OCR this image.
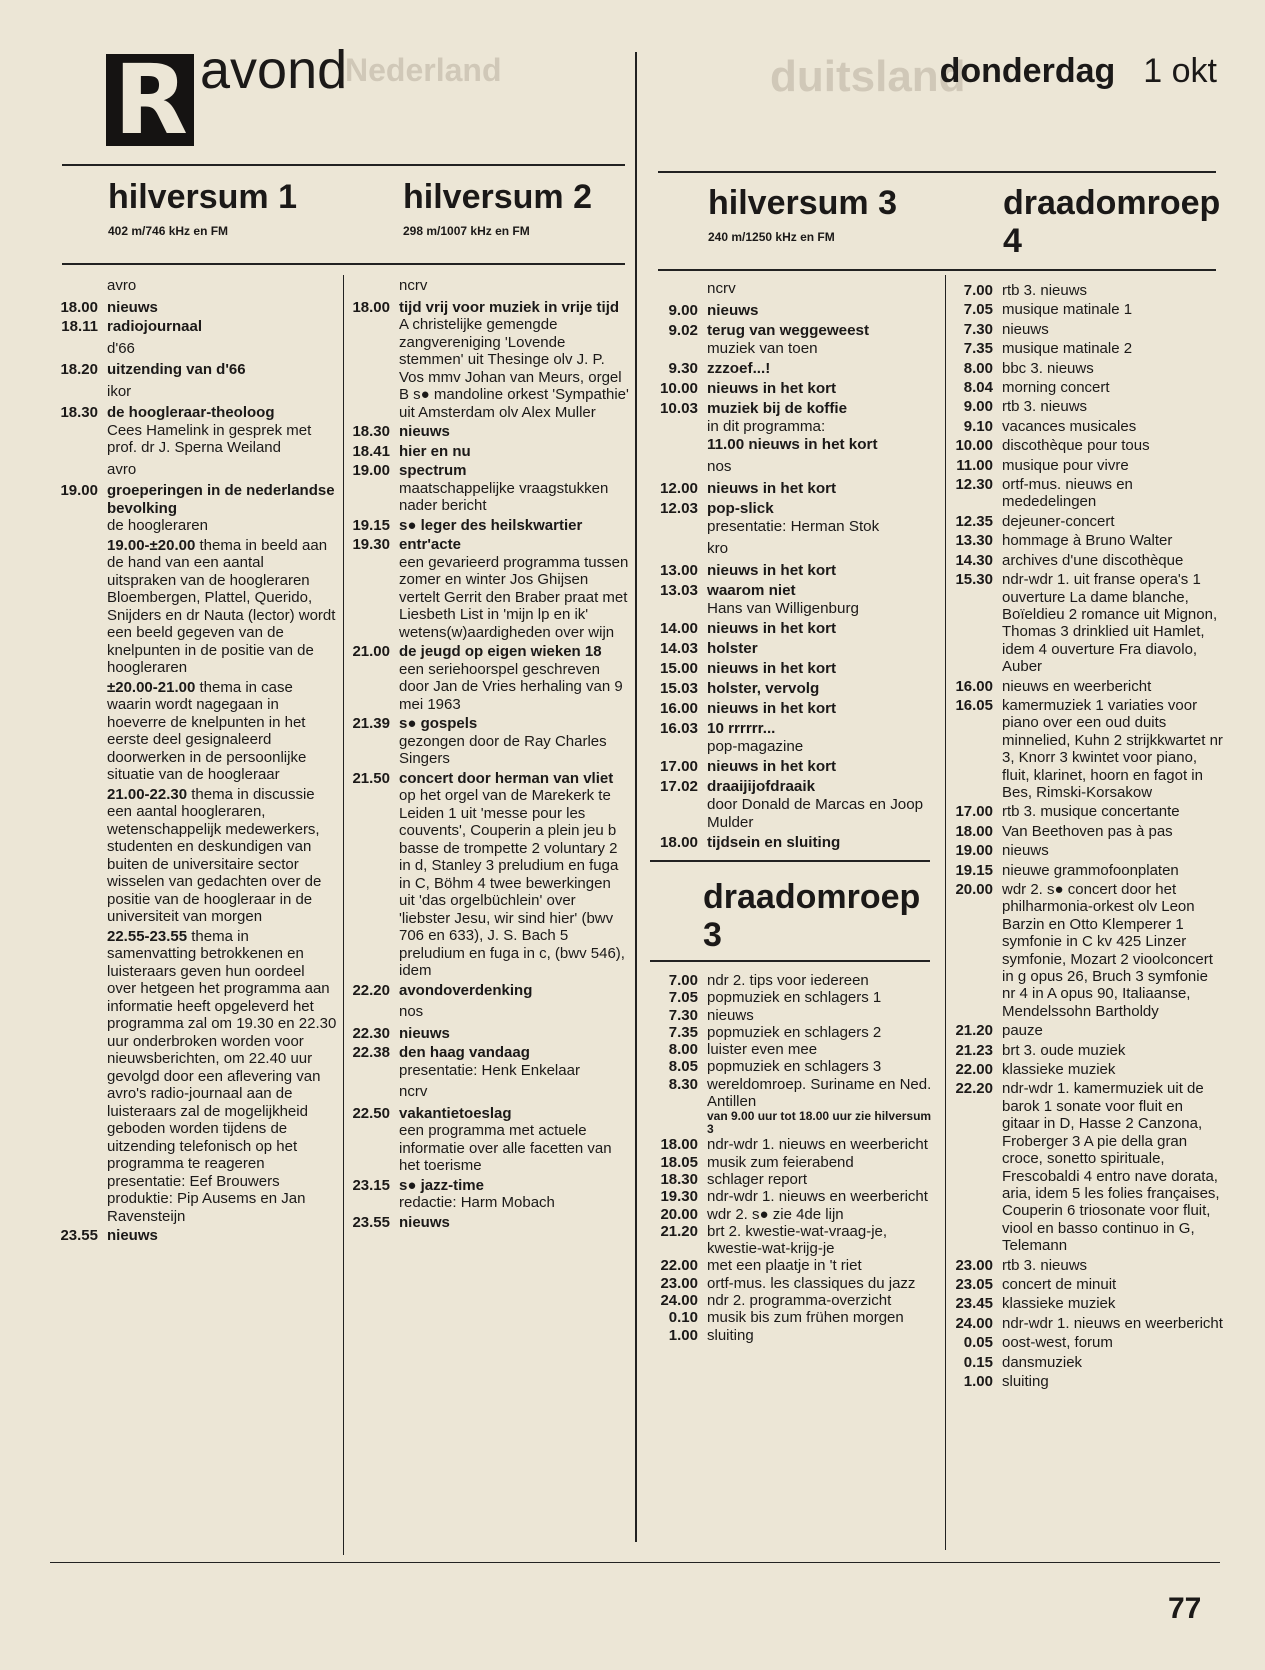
duitsland
Nederland
R avond	donderdag 1 okt
hilversum 1
402 m/746 kHz en FM
hilversum 2
298 m/1007 kHz en FM
hilversum 3
240 m/1250 kHz en FM
draadomroep 4
avro
18.00 nieuws
18.11 radiojournaal
d'66
18.20 uitzending van d'66
ikor
18.30 de hoogleraar-theoloog
Cees Hamelink in gesprek met prof. dr J. Sperna Weiland
avro
19.00 groeperingen in de nederlandse bevolking
de hoogleraren
19.00-±20.00 thema in beeld aan de hand van een aantal uitspraken van de hoogleraren Bloembergen, Plattel, Querido, Snijders en dr Nauta (lector) wordt een beeld gegeven van de knelpunten in de positie van de hoogleraren
±20.00-21.00 thema in case waarin wordt nagegaan in hoeverre de knelpunten in het eerste deel gesignaleerd doorwerken in de persoonlijke situatie van de hoogleraar
21.00-22.30 thema in discussie een aantal hoogleraren, wetenschappelijk medewerkers, studenten en deskundigen van buiten de universitaire sector wisselen van gedachten over de positie van de hoogleraar in de universiteit van morgen
22.55-23.55 thema in samenvatting betrokkenen en luisteraars geven hun oordeel over hetgeen het programma aan informatie heeft opgeleverd het programma zal om 19.30 en 22.30 uur onderbroken worden voor nieuwsberichten, om 22.40 uur gevolgd door een aflevering van avro's radio-journaal aan de luisteraars zal de mogelijkheid geboden worden tijdens de uitzending telefonisch op het programma te reageren presentatie: Eef Brouwers produktie: Pip Ausems en Jan Ravensteijn
23.55 nieuws
ncrv
18.00 tijd vrij voor muziek in vrije tijd
A christelijke gemengde zangvereniging 'Lovende stemmen' uit Thesinge olv J. P. Vos mmv Johan van Meurs, orgel B s● mandoline orkest 'Sympathie' uit Amsterdam olv Alex Muller
18.30 nieuws
18.41 hier en nu
19.00 spectrum
maatschappelijke vraagstukken nader bericht
19.15 s● leger des heilskwartier
19.30 entr'acte
een gevarieerd programma tussen zomer en winter Jos Ghijsen vertelt Gerrit den Braber praat met Liesbeth List in 'mijn lp en ik' wetens(w)aardigheden over wijn
21.00 de jeugd op eigen wieken 18
een seriehoorspel geschreven door Jan de Vries herhaling van 9 mei 1963
21.39 s● gospels
gezongen door de Ray Charles Singers
21.50 concert door herman van vliet
op het orgel van de Marekerk te Leiden 1 uit 'messe pour les couvents', Couperin a plein jeu b basse de trompette 2 voluntary 2 in d, Stanley 3 preludium en fuga in C, Böhm 4 twee bewerkingen uit 'das orgelbüchlein' over 'liebster Jesu, wir sind hier' (bwv 706 en 633), J. S. Bach 5 preludium en fuga in c, (bwv 546), idem
22.20 avondoverdenking
nos
22.30 nieuws
22.38 den haag vandaag
presentatie: Henk Enkelaar
ncrv
22.50 vakantietoeslag
een programma met actuele informatie over alle facetten van het toerisme
23.15 s● jazz-time
redactie: Harm Mobach
23.55 nieuws
ncrv
9.00 nieuws
9.02 terug van weggeweest
muziek van toen
9.30 zzzoef...!
10.00 nieuws in het kort
10.03 muziek bij de koffie
in dit programma:
11.00 nieuws in het kort
nos
12.00 nieuws in het kort
12.03 pop-slick
presentatie: Herman Stok
kro
13.00 nieuws in het kort
13.03 waarom niet
Hans van Willigenburg
14.00 nieuws in het kort
14.03 holster
15.00 nieuws in het kort
15.03 holster, vervolg
16.00 nieuws in het kort
16.03 10 rrrrrr...
pop-magazine
17.00 nieuws in het kort
17.02 draaijijofdraaik
door Donald de Marcas en Joop Mulder
18.00 tijdsein en sluiting
draadomroep 3
7.00 ndr 2. tips voor iedereen
7.05 popmuziek en schlagers 1
7.30 nieuws
7.35 popmuziek en schlagers 2
8.00 luister even mee
8.05 popmuziek en schlagers 3
8.30 wereldomroep. Suriname en Ned. Antillen
van 9.00 uur tot 18.00 uur zie hilversum 3
18.00 ndr-wdr 1. nieuws en weerbericht
18.05 musik zum feierabend
18.30 schlager report
19.30 ndr-wdr 1. nieuws en weerbericht
20.00 wdr 2. s● zie 4de lijn
21.20 brt 2. kwestie-wat-vraag-je, kwestie-wat-krijg-je
22.00 met een plaatje in 't riet
23.00 ortf-mus. les classiques du jazz
24.00 ndr 2. programma-overzicht
0.10 musik bis zum frühen morgen
1.00 sluiting
7.00 rtb 3. nieuws
7.05 musique matinale 1
7.30 nieuws
7.35 musique matinale 2
8.00 bbc 3. nieuws
8.04 morning concert
9.00 rtb 3. nieuws
9.10 vacances musicales
10.00 discothèque pour tous
11.00 musique pour vivre
12.30 ortf-mus. nieuws en mededelingen
12.35 dejeuner-concert
13.30 hommage à Bruno Walter
14.30 archives d'une discothèque
15.30 ndr-wdr 1. uit franse opera's 1 ouverture La dame blanche, Boïeldieu 2 romance uit Mignon, Thomas 3 drinklied uit Hamlet, idem 4 ouverture Fra diavolo, Auber
16.00 nieuws en weerbericht
16.05 kamermuziek 1 variaties voor piano over een oud duits minnelied, Kuhn 2 strijkkwartet nr 3, Knorr 3 kwintet voor piano, fluit, klarinet, hoorn en fagot in Bes, Rimski-Korsakow
17.00 rtb 3. musique concertante
18.00 Van Beethoven pas à pas
19.00 nieuws
19.15 nieuwe grammofoonplaten
20.00 wdr 2. s● concert door het philharmonia-orkest olv Leon Barzin en Otto Klemperer 1 symfonie in C kv 425 Linzer symfonie, Mozart 2 vioolconcert in g opus 26, Bruch 3 symfonie nr 4 in A opus 90, Italiaanse, Mendelssohn Bartholdy
21.20 pauze
21.23 brt 3. oude muziek
22.00 klassieke muziek
22.20 ndr-wdr 1. kamermuziek uit de barok 1 sonate voor fluit en gitaar in D, Hasse 2 Canzona, Froberger 3 A pie della gran croce, sonetto spirituale, Frescobaldi 4 entro nave dorata, aria, idem 5 les folies françaises, Couperin 6 triosonate voor fluit, viool en basso continuo in G, Telemann
23.00 rtb 3. nieuws
23.05 concert de minuit
23.45 klassieke muziek
24.00 ndr-wdr 1. nieuws en weerbericht
0.05 oost-west, forum
0.15 dansmuziek
1.00 sluiting
77
